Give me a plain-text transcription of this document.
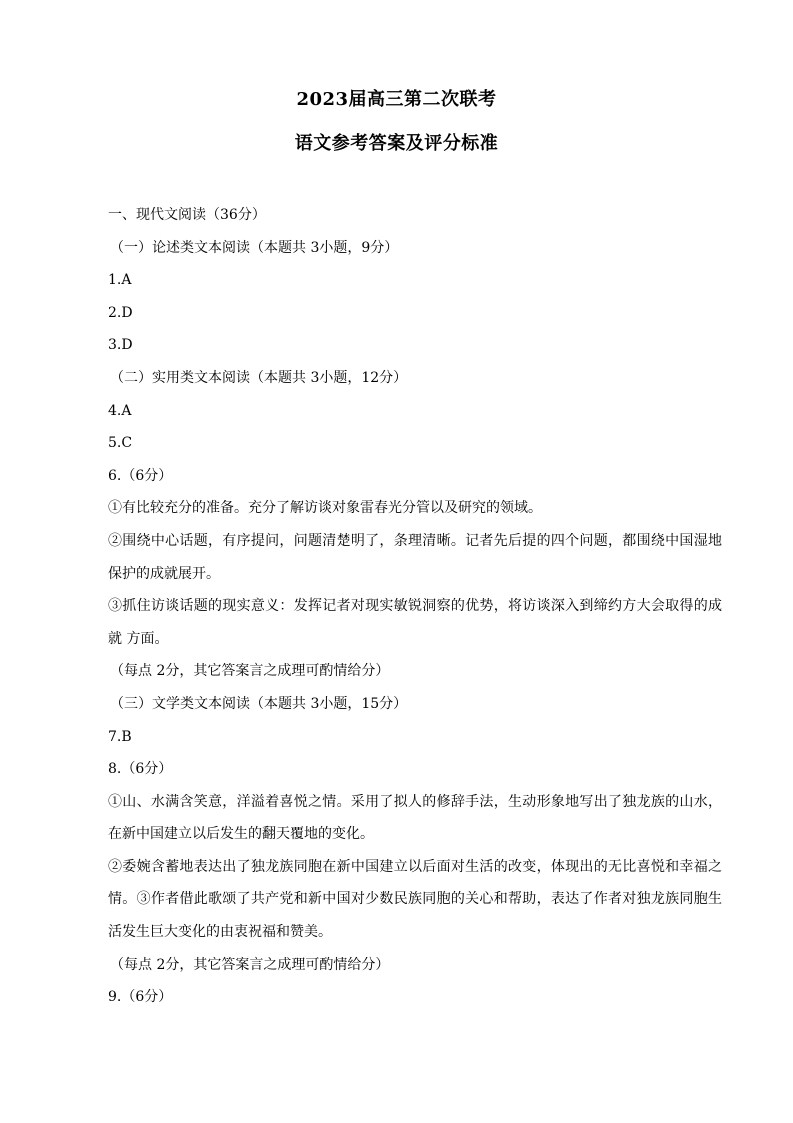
2023届高三第二次联考
语文参考答案及评分标准

一、现代文阅读（36分）

（一）论述类文本阅读（本题共 3小题，9分）

1.A

2.D

3.D

（二）实用类文本阅读（本题共 3小题，12分）

4.A

5.C

6.（6分）

①有比较充分的准备。充分了解访谈对象雷春光分管以及研究的领域。

②围绕中心话题，有序提问，问题清楚明了，条理清晰。记者先后提的四个问题，都围绕中国湿地保护的成就展开。

③抓住访谈话题的现实意义：发挥记者对现实敏锐洞察的优势，将访谈深入到缔约方大会取得的成就 方面。

（每点 2分，其它答案言之成理可酌情给分）

（三）文学类文本阅读（本题共 3小题，15分）

7.B

8.（6分）

①山、水满含笑意，洋溢着喜悦之情。采用了拟人的修辞手法，生动形象地写出了独龙族的山水，在新中国建立以后发生的翻天覆地的变化。

②委婉含蓄地表达出了独龙族同胞在新中国建立以后面对生活的改变，体现出的无比喜悦和幸福之 情。③作者借此歌颂了共产党和新中国对少数民族同胞的关心和帮助，表达了作者对独龙族同胞生活发生巨大变化的由衷祝福和赞美。

（每点 2分，其它答案言之成理可酌情给分）

9.（6分）
